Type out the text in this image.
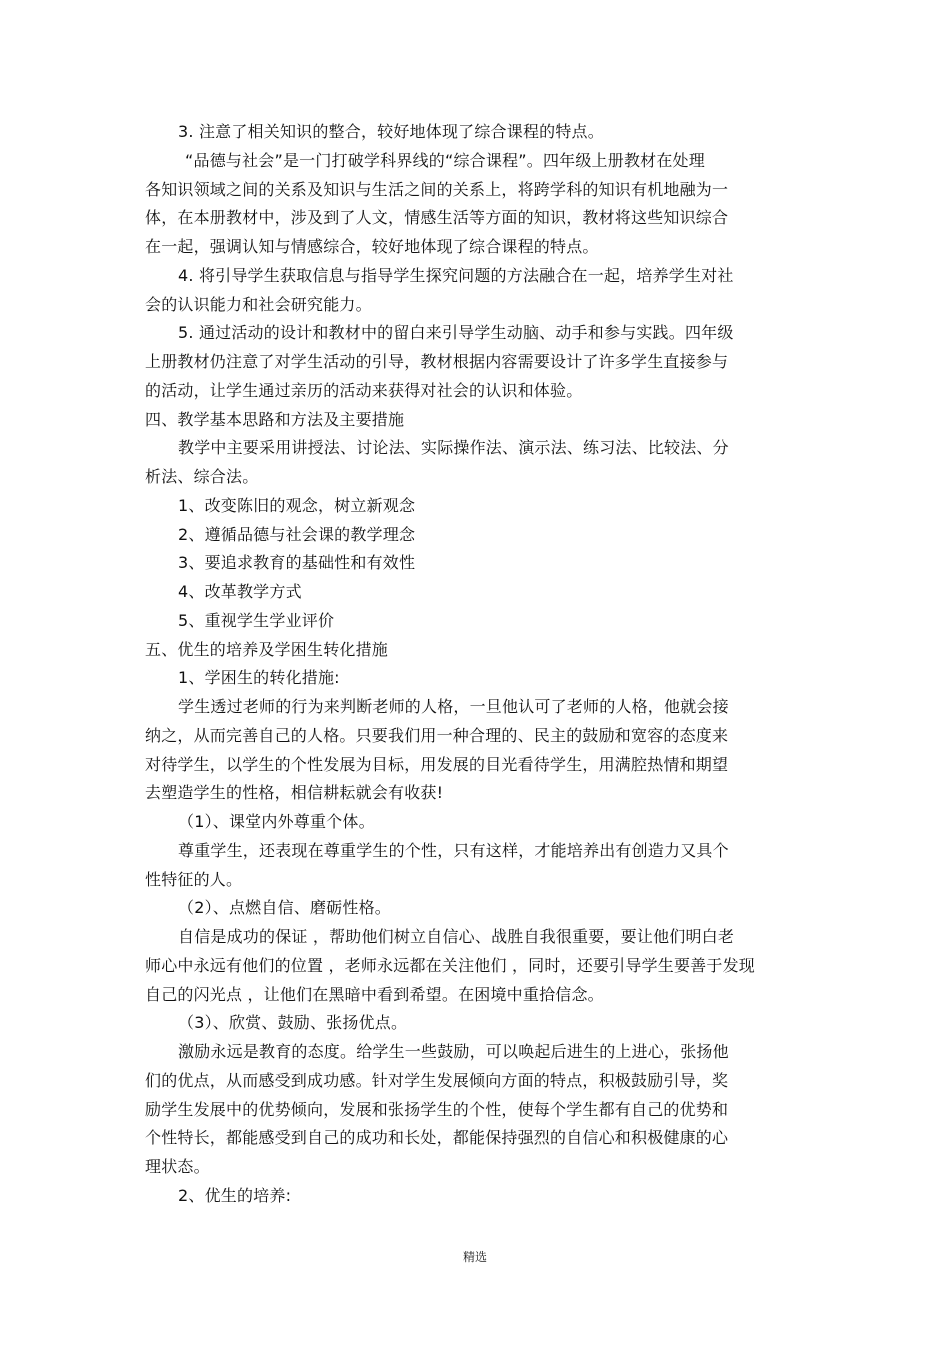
3. 注意了相关知识的整合，较好地体现了综合课程的特点。
“品德与社会”是一门打破学科界线的“综合课程”。四年级上册教材在处理
各知识领域之间的关系及知识与生活之间的关系上，将跨学科的知识有机地融为一
体，在本册教材中，涉及到了人文，情感生活等方面的知识，教材将这些知识综合
在一起，强调认知与情感综合，较好地体现了综合课程的特点。
4. 将引导学生获取信息与指导学生探究问题的方法融合在一起，培养学生对社
会的认识能力和社会研究能力。
5. 通过活动的设计和教材中的留白来引导学生动脑、动手和参与实践。四年级
上册教材仍注意了对学生活动的引导，教材根据内容需要设计了许多学生直接参与
的活动，让学生通过亲历的活动来获得对社会的认识和体验。
四、教学基本思路和方法及主要措施
教学中主要采用讲授法、讨论法、实际操作法、演示法、练习法、比较法、分
析法、综合法。
1、改变陈旧的观念，树立新观念
2、遵循品德与社会课的教学理念
3、要追求教育的基础性和有效性
4、改革教学方式
5、重视学生学业评价
五、优生的培养及学困生转化措施
1、学困生的转化措施:
学生透过老师的行为来判断老师的人格，一旦他认可了老师的人格，他就会接
纳之，从而完善自己的人格。只要我们用一种合理的、民主的鼓励和宽容的态度来
对待学生，以学生的个性发展为目标，用发展的目光看待学生，用满腔热情和期望
去塑造学生的性格，相信耕耘就会有收获!
（1）、课堂内外尊重个体。
尊重学生，还表现在尊重学生的个性，只有这样，才能培养出有创造力又具个
性特征的人。
（2）、点燃自信、磨砺性格。
自信是成功的保证 ，帮助他们树立自信心、战胜自我很重要，要让他们明白老
师心中永远有他们的位置 ，老师永远都在关注他们 ，同时，还要引导学生要善于发现
自己的闪光点 ，让他们在黑暗中看到希望。在困境中重拾信念。
（3）、欣赏、鼓励、张扬优点。
激励永远是教育的态度。给学生一些鼓励，可以唤起后进生的上进心，张扬他
们的优点，从而感受到成功感。针对学生发展倾向方面的特点，积极鼓励引导，奖
励学生发展中的优势倾向，发展和张扬学生的个性，使每个学生都有自己的优势和
个性特长，都能感受到自己的成功和长处，都能保持强烈的自信心和积极健康的心
理状态。
2、优生的培养:
精选
